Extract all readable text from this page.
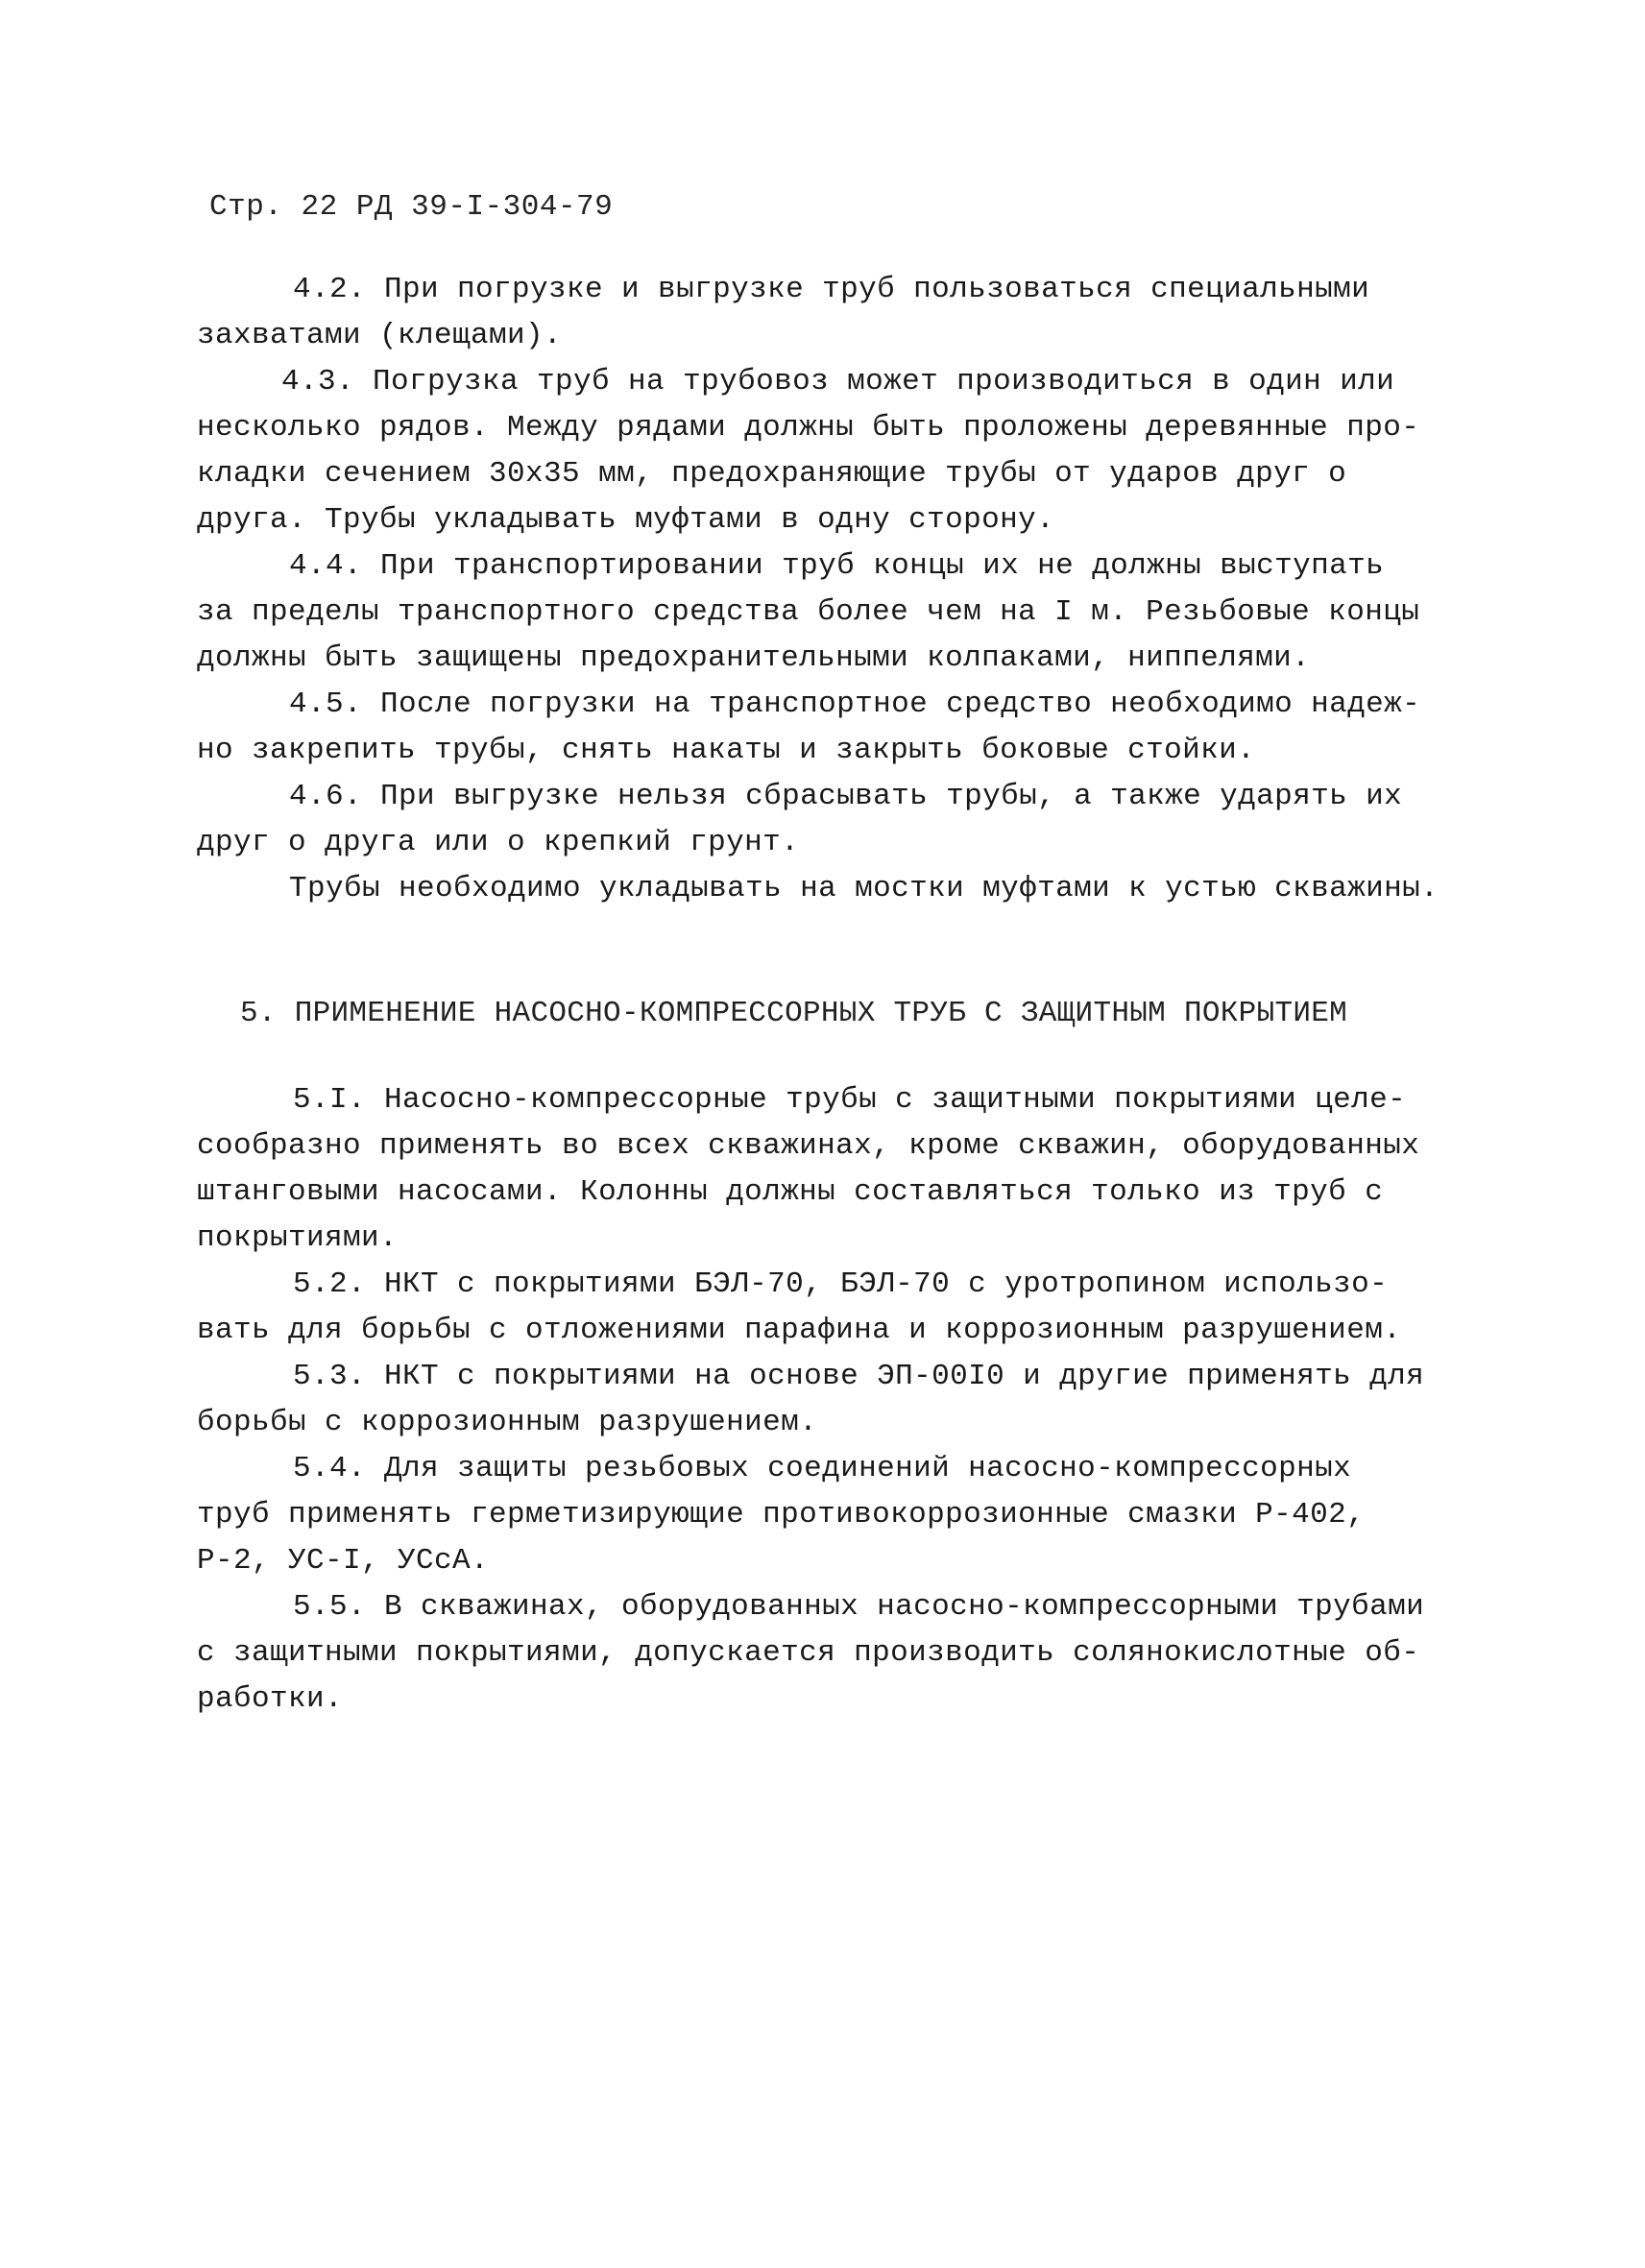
Стр. 22 РД 39-I-304-79
4.2. При погрузке и выгрузке труб пользоваться специальными
захватами (клещами).
4.3. Погрузка труб на трубовоз может производиться в один или
несколько рядов. Между рядами должны быть проложены деревянные про-
кладки сечением 30х35 мм, предохраняющие трубы от ударов друг о
друга. Трубы укладывать муфтами в одну сторону.
4.4. При транспортировании труб концы их не должны выступать
за пределы транспортного средства более чем на I м. Резьбовые концы
должны быть защищены предохранительными колпаками, ниппелями.
4.5. После погрузки на транспортное средство необходимо надеж-
но закрепить трубы, снять накаты и закрыть боковые стойки.
4.6. При выгрузке нельзя сбрасывать трубы, а также ударять их
друг о друга или о крепкий грунт.
Трубы необходимо укладывать на мостки муфтами к устью скважины.
5. ПРИМЕНЕНИЕ НАСОСНО-КОМПРЕССОРНЫХ ТРУБ С ЗАЩИТНЫМ ПОКРЫТИЕМ
5.I. Насосно-компрессорные трубы с защитными покрытиями целе-
сообразно применять во всех скважинах, кроме скважин, оборудованных
штанговыми насосами. Колонны должны составляться только из труб с
покрытиями.
5.2. НКТ с покрытиями БЭЛ-70, БЭЛ-70 с уротропином использо-
вать для борьбы с отложениями парафина и коррозионным разрушением.
5.3. НКТ с покрытиями на основе ЭП-00I0 и другие применять для
борьбы с коррозионным разрушением.
5.4. Для защиты резьбовых соединений насосно-компрессорных
труб применять герметизирующие противокоррозионные смазки Р-402,
Р-2, УС-I, УСсА.
5.5. В скважинах, оборудованных насосно-компрессорными трубами
с защитными покрытиями, допускается производить солянокислотные об-
работки.
